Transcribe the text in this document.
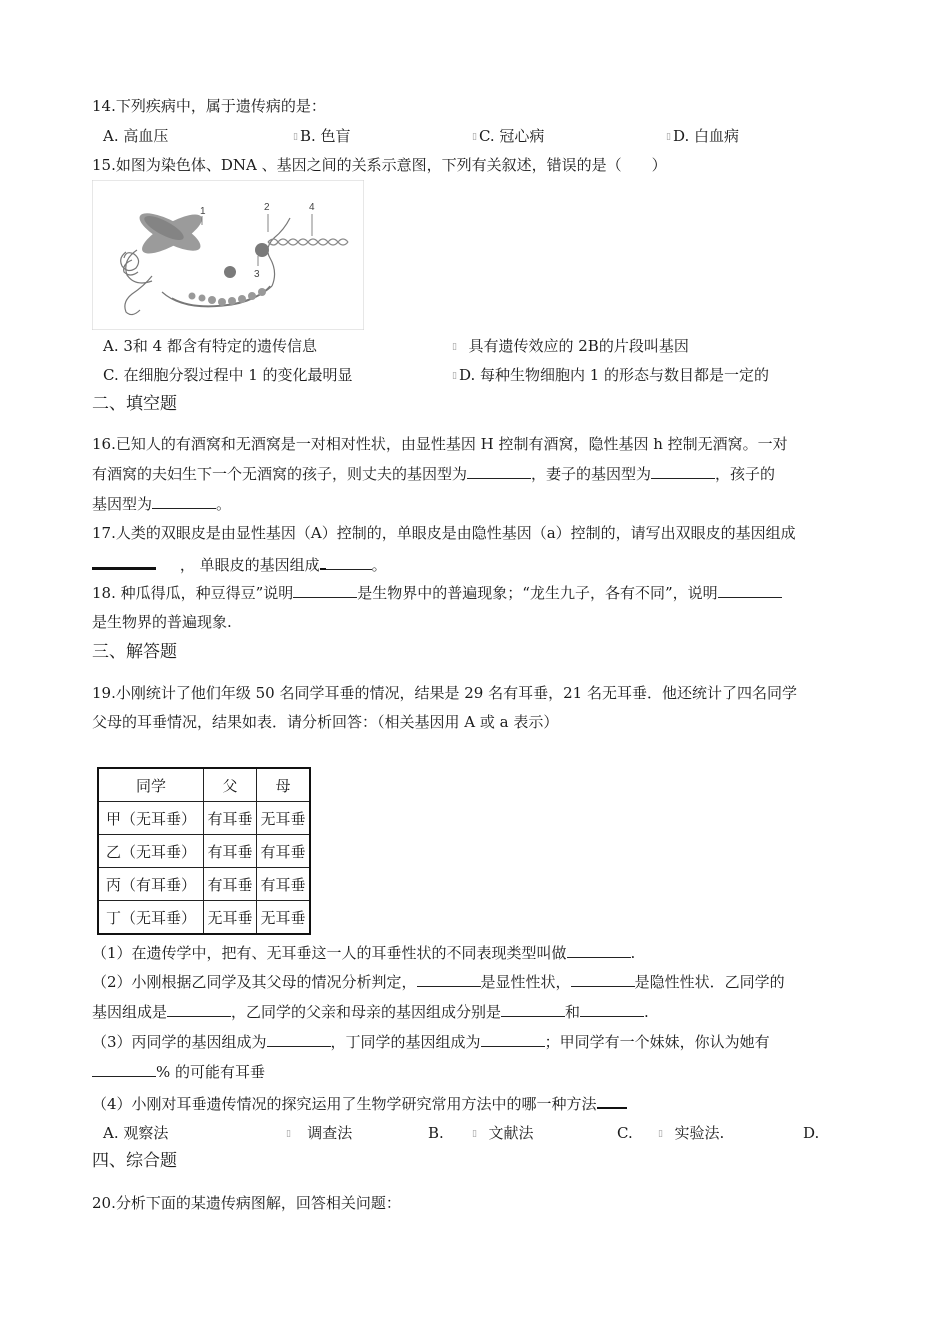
14.下列疾病中，属于遗传病的是：
A. 高血压	▯ B. 色盲	▯ C. 冠心病	▯ D. 白血病
15.如图为染色体、DNA 、基因之间的关系示意图，下列有关叙述，错误的是（　　）
1	2
3
4
A. 3和 4 都含有特定的遗传信息	▯ 具有遗传效应的 2B的片段叫基因
C. 在细胞分裂过程中 1 的变化最明显	▯ D. 每种生物细胞内 1 的形态与数目都是一定的
二、填空题
16.已知人的有酒窝和无酒窝是一对相对性状，由显性基因 H 控制有酒窝，隐性基因 h 控制无酒窝。一对
有酒窝的夫妇生下一个无酒窝的孩子，则丈夫的基因型为	，妻子的基因型为	，孩子的
基因型为	。
17.人类的双眼皮是由显性基因（A）控制的，单眼皮是由隐性基因（a）控制的，请写出双眼皮的基因组成
， 单眼皮的基因组成	。
18. 种瓜得瓜，种豆得豆”说明	是生物界中的普遍现象；“龙生九子，各有不同”，说明
是生物界的普遍现象.
三、解答题
19.小刚统计了他们年级 50 名同学耳垂的情况，结果是 29 名有耳垂，21 名无耳垂．他还统计了四名同学
父母的耳垂情况，结果如表．请分析回答：（相关基因用 A 或 a 表示）
同学	父	母
甲（无耳垂）	有耳垂	无耳垂
乙（无耳垂）	有耳垂	有耳垂
丙（有耳垂）	有耳垂	有耳垂
丁（无耳垂）	无耳垂	无耳垂
（1）在遗传学中，把有、无耳垂这一人的耳垂性状的不同表现类型叫做	.
（2）小刚根据乙同学及其父母的情况分析判定，	是显性性状，	是隐性性状．乙同学的
基因组成是	，乙同学的父亲和母亲的基因组成分别是	和	.
（3）丙同学的基因组成为	，丁同学的基因组成为	；甲同学有一个妹妹，你认为她有
% 的可能有耳垂
（4）小刚对耳垂遗传情况的探究运用了生物学研究常用方法中的哪一种方法
A. 观察法	▯ 调查法	B.	▯ 文献法	C.	▯ 实验法.	D.
四、综合题
20.分析下面的某遗传病图解，回答相关问题：
